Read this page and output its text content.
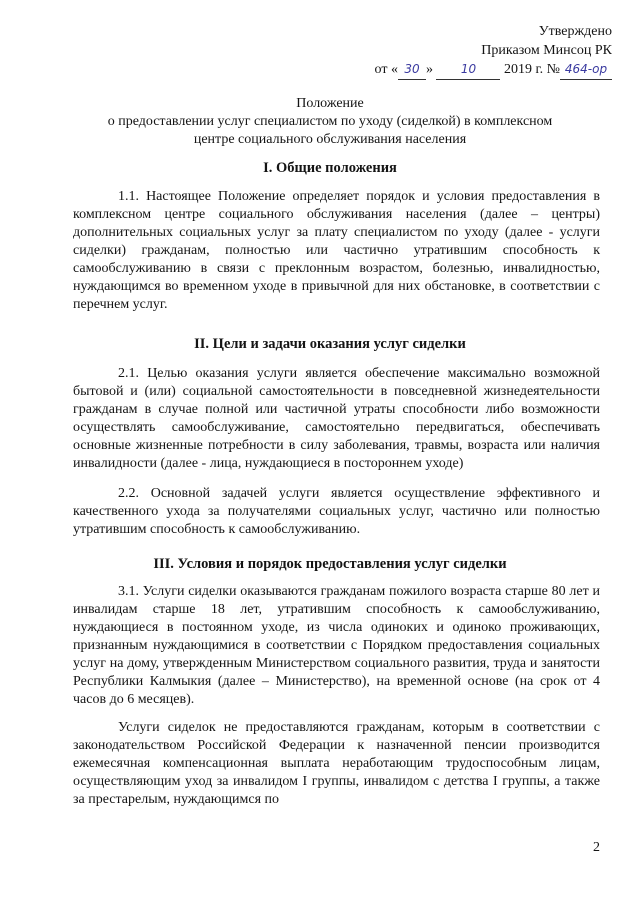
Утверждено
Приказом Минсоц РК
от « 30 » 10 2019 г. № 464-ор
Положение
о предоставлении услуг специалистом по уходу (сиделкой) в комплексном
центре социального обслуживания населения
I. Общие положения

1.1. Настоящее Положение определяет порядок и условия предоставления в комплексном центре социального обслуживания населения (далее – центры) дополнительных социальных услуг за плату специалистом по уходу (далее - услуги сиделки) гражданам, полностью или частично утратившим способность к самообслуживанию в связи с преклонным возрастом, болезнью, инвалидностью, нуждающимся во временном уходе в привычной для них обстановке, в соответствии с перечнем услуг.

II. Цели и задачи оказания услуг сиделки

2.1. Целью оказания услуги является обеспечение максимально возможной бытовой и (или) социальной самостоятельности в повседневной жизнедеятельности гражданам в случае полной или частичной утраты способности либо возможности осуществлять самообслуживание, самостоятельно передвигаться, обеспечивать основные жизненные потребности в силу заболевания, травмы, возраста или наличия инвалидности (далее - лица, нуждающиеся в постороннем уходе)

2.2. Основной задачей услуги является осуществление эффективного и качественного ухода за получателями социальных услуг, частично или полностью утратившим способность к самообслуживанию.

III. Условия и порядок предоставления услуг сиделки

3.1. Услуги сиделки оказываются гражданам пожилого возраста старше 80 лет и инвалидам старше 18 лет, утратившим способность к самообслуживанию, нуждающиеся в постоянном уходе, из числа одиноких и одиноко проживающих, признанным нуждающимися в соответствии с Порядком предоставления социальных услуг на дому, утвержденным Министерством социального развития, труда и занятости Республики Калмыкия (далее – Министерство), на временной основе (на срок от 4 часов до 6 месяцев).

Услуги сиделок не предоставляются гражданам, которым в соответствии с законодательством Российской Федерации к назначенной пенсии производится ежемесячная компенсационная выплата неработающим трудоспособным лицам, осуществляющим уход за инвалидом I группы, инвалидом с детства I группы, а также за престарелым, нуждающимся по

2
